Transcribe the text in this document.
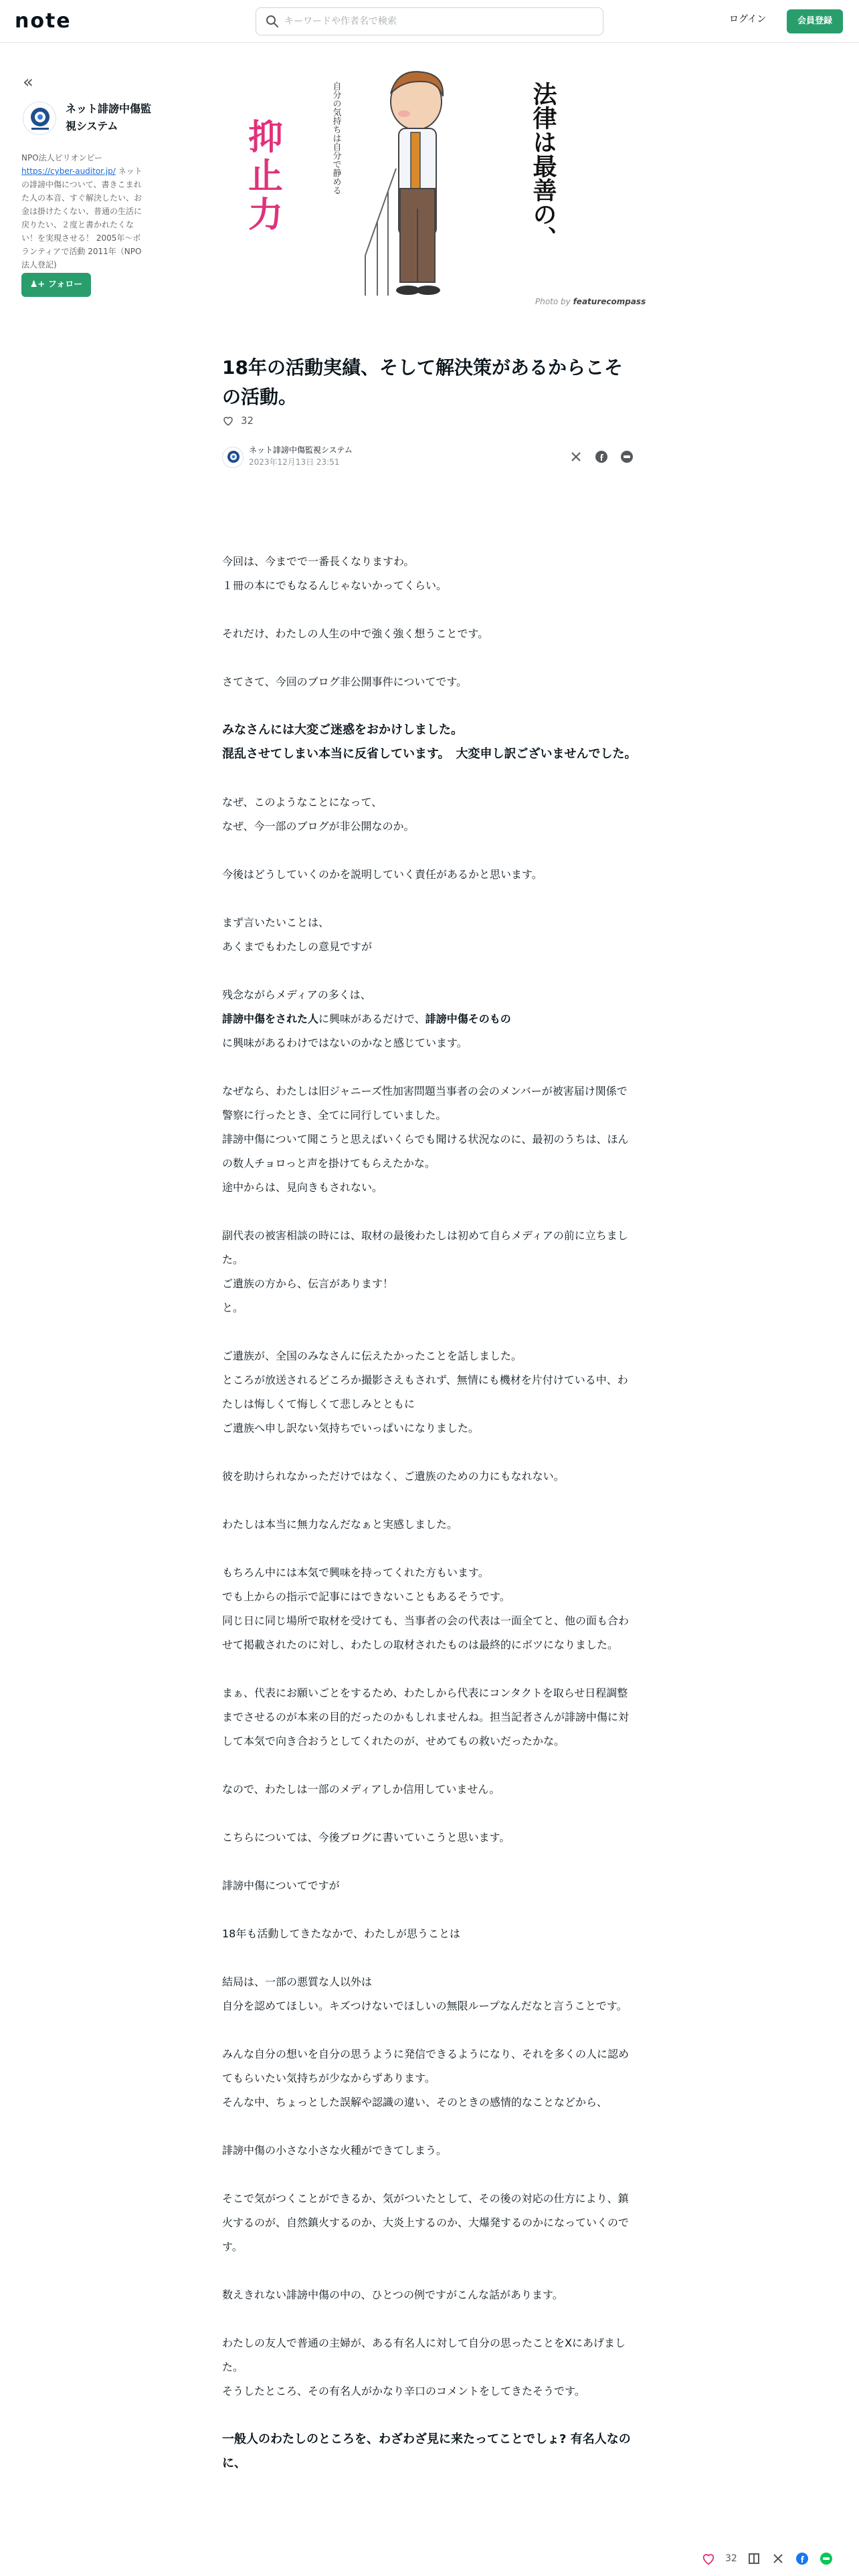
note
キーワードや作者名で検索	ログイン	会員登録
«
ネット誹謗中傷監視システム
NPO法人ピリオンピー
https://cyber-auditor.jp/ ネットの誹謗中傷について、書きこまれた人の本音、すぐ解決したい、お金は掛けたくない、普通の生活に戻りたい、２度と書かれたくない！を実現させる！ 2005年〜ボランティアで活動 2011年（NPO法人登記)
♟+ フォロー
抑止力	自分の気持ちは自分で静める	法律は最善の、
Photo by featurecompass
18年の活動実績、そして解決策があるからこその活動。
32
ネット誹謗中傷監視システム
2023年12月13日 23:51

今回は、今までで一番長くなりますわ。
１冊の本にでもなるんじゃないかってくらい。

それだけ、わたしの人生の中で強く強く想うことです。

さてさて、今回のブログ非公開事件についてです。

みなさんには大変ご迷惑をおかけしました。
混乱させてしまい本当に反省しています。　大変申し訳ございませんでした。

なぜ、このようなことになって、
なぜ、今一部のブログが非公開なのか。

今後はどうしていくのかを説明していく責任があるかと思います。

まず言いたいことは、
あくまでもわたしの意見ですが

残念ながらメディアの多くは、
誹謗中傷をされた人に興味があるだけで、誹謗中傷そのもの
に興味があるわけではないのかなと感じています。

なぜなら、わたしは旧ジャニーズ性加害問題当事者の会のメンバーが被害届け関係で警察に行ったとき、全てに同行していました。
誹謗中傷について聞こうと思えばいくらでも聞ける状況なのに、最初のうちは、ほんの数人チョロっと声を掛けてもらえたかな。
途中からは、見向きもされない。

副代表の被害相談の時には、取材の最後わたしは初めて自らメディアの前に立ちました。
ご遺族の方から、伝言があります！
と。

ご遺族が、全国のみなさんに伝えたかったことを話しました。
ところが放送されるどころか撮影さえもされず、無情にも機材を片付けている中、わたしは悔しくて悔しくて悲しみとともに
ご遺族へ申し訳ない気持ちでいっぱいになりました。

彼を助けられなかっただけではなく、ご遺族のための力にもなれない。

わたしは本当に無力なんだなぁと実感しました。

もちろん中には本気で興味を持ってくれた方もいます。
でも上からの指示で記事にはできないこともあるそうです。
同じ日に同じ場所で取材を受けても、当事者の会の代表は一面全てと、他の面も合わせて掲載されたのに対し、わたしの取材されたものは最終的にボツになりました。

まぁ、代表にお願いごとをするため、わたしから代表にコンタクトを取らせ日程調整までさせるのが本来の目的だったのかもしれませんね。担当記者さんが誹謗中傷に対して本気で向き合おうとしてくれたのが、せめてもの救いだったかな。

なので、わたしは一部のメディアしか信用していません。

こちらについては、今後ブログに書いていこうと思います。

誹謗中傷についてですが

18年も活動してきたなかで、わたしが思うことは

結局は、一部の悪質な人以外は
自分を認めてほしい。キズつけないでほしいの無限ループなんだなと言うことです。

みんな自分の想いを自分の思うように発信できるようになり、それを多くの人に認めてもらいたい気持ちが少なからずあります。
そんな中、ちょっとした誤解や認識の違い、そのときの感情的なことなどから、

誹謗中傷の小さな小さな火種ができてしまう。

そこで気がつくことができるか、気がついたとして、その後の対応の仕方により、鎮火するのが、自然鎮火するのか、大炎上するのか、大爆発するのかになっていくのです。

数えきれない誹謗中傷の中の、ひとつの例ですがこんな話があります。

わたしの友人で普通の主婦が、ある有名人に対して自分の思ったことをXにあげました。
そうしたところ、その有名人がかなり辛口のコメントをしてきたそうです。

一般人のわたしのところを、わざわざ見に来たってことでしょ? 有名人なのに、

32
